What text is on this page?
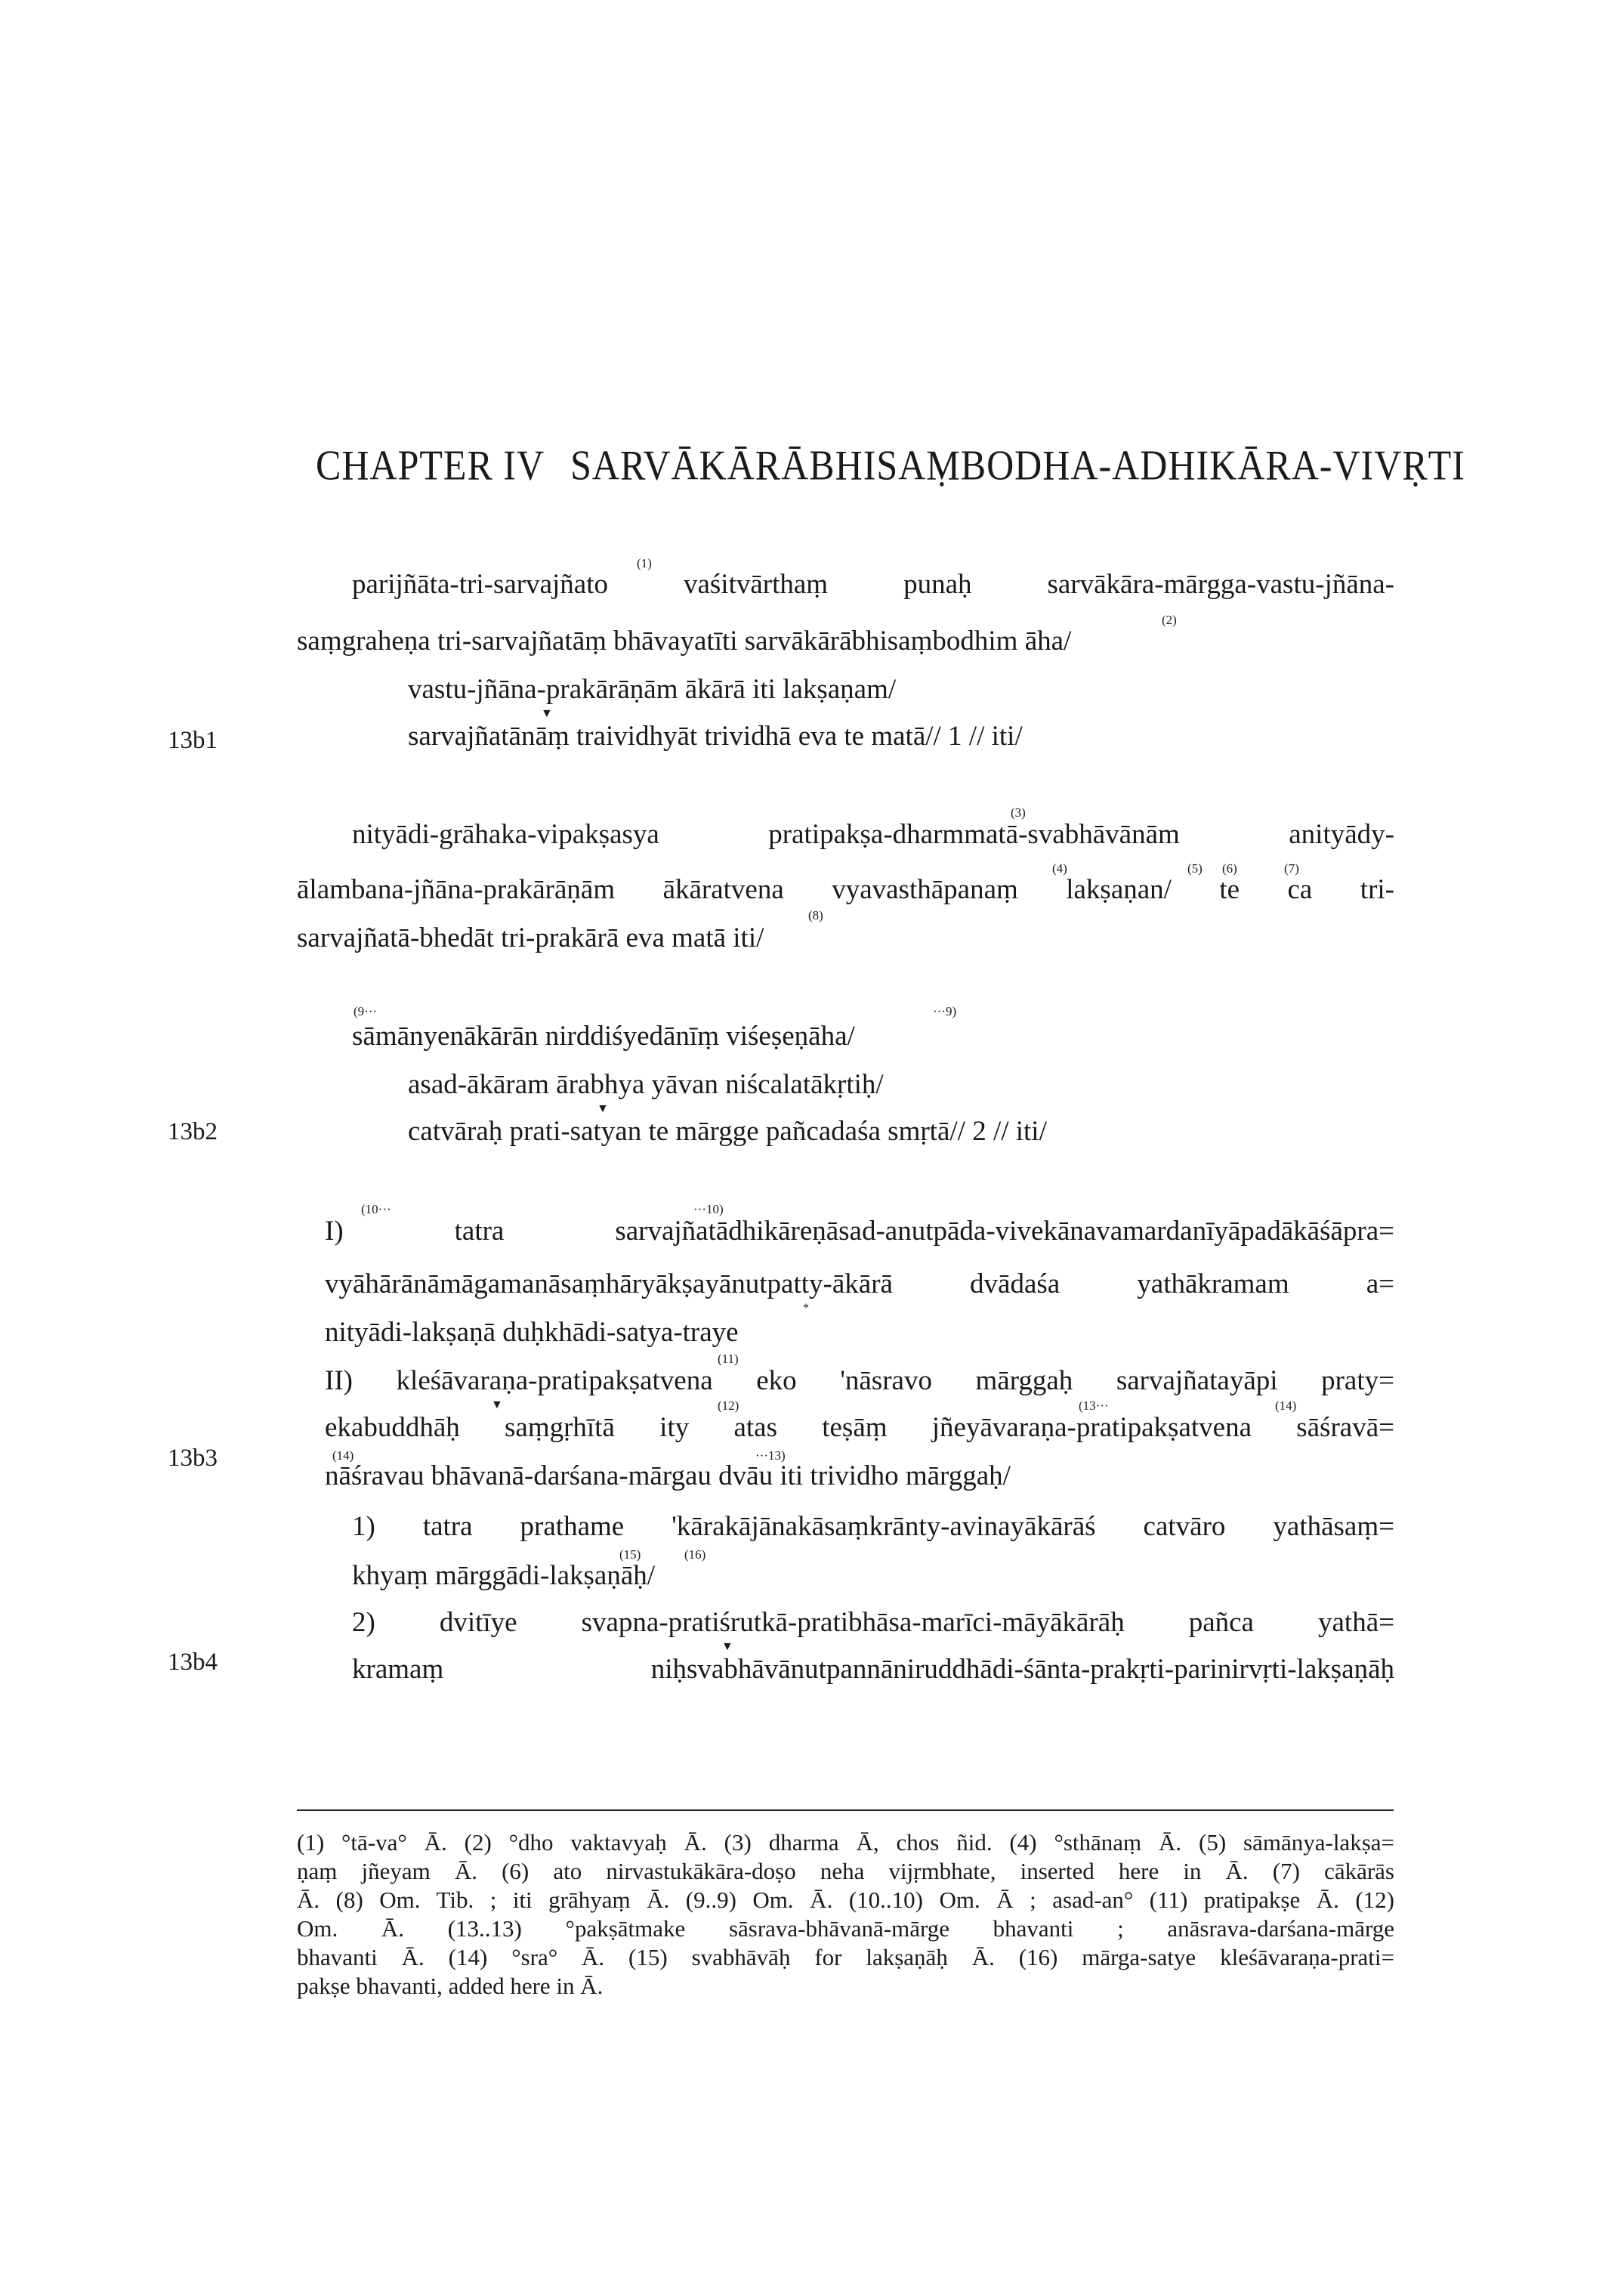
CHAPTER IV SARVĀKĀRĀBHISAṂBODHA-ADHIKĀRA-VIVṚTI
13b1
13b2
13b3
13b4
(1)
parijñāta-tri-sarvajñato vaśitvārthaṃ punaḥ sarvākāra-mārgga-vastu-jñāna-
(2)
saṃgraheṇa tri-sarvajñatāṃ bhāvayatīti sarvākārābhisaṃbodhim āha/
vastu-jñāna-prakārāṇām ākārā iti lakṣaṇam/
▼
sarvajñatānāṃ traividhyāt trividhā eva te matā// 1 // iti/
(3)
nityādi-grāhaka-vipakṣasya pratipakṣa-dharmmatā-svabhāvānām anityādy-
(4)	(5) (6)	(7)
ālambana-jñāna-prakārāṇām ākāratvena vyavasthāpanaṃ lakṣaṇan/ te ca tri-
(8)
sarvajñatā-bhedāt tri-prakārā eva matā iti/
(9···	···9)
sāmānyenākārān nirddiśyedānīṃ viśeṣeṇāha/
asad-ākāram ārabhya yāvan niścalatākṛtiḥ/
▼
catvāraḥ prati-satyan te mārgge pañcadaśa smṛtā// 2 // iti/
(10···	···10)
I) tatra sarvajñatādhikāreṇāsad-anutpāda-vivekānavamardanīyāpadākāśāpra=
vyāhārānāmāgamanāsaṃhāryākṣayānutpatty-ākārā dvādaśa yathākramam a=
*
nityādi-lakṣaṇā duḥkhādi-satya-traye
(11)
II) kleśāvaraṇa-pratipakṣatvena eko 'nāsravo mārggaḥ sarvajñatayāpi praty=
▼	(12)	(13···	(14)
ekabuddhāḥ saṃgṛhītā ity atas teṣāṃ jñeyāvaraṇa-pratipakṣatvena sāśravā=
(14)	···13)
nāśravau bhāvanā-darśana-mārgau dvāu iti trividho mārggaḥ/
1) tatra prathame 'kārakājānakāsaṃkrānty-avinayākārāś catvāro yathāsaṃ=
(15)	(16)
khyaṃ mārggādi-lakṣaṇāḥ/
2) dvitīye svapna-pratiśrutkā-pratibhāsa-marīci-māyākārāḥ pañca yathā=
▼
kramaṃ niḥsvabhāvānutpannāniruddhādi-śānta-prakṛti-parinirvṛti-lakṣaṇāḥ
(1) °tā-va° Ā. (2) °dho vaktavyaḥ Ā. (3) dharma Ā, chos ñid. (4) °sthānaṃ Ā. (5) sāmānya-lakṣa=
ṇaṃ jñeyam Ā. (6) ato nirvastukākāra-doṣo neha vijṛmbhate, inserted here in Ā. (7) cākārās
Ā. (8) Om. Tib. ; iti grāhyaṃ Ā. (9..9) Om. Ā. (10..10) Om. Ā ; asad-an° (11) pratipakṣe Ā. (12)
Om. Ā. (13..13) °pakṣātmake sāsrava-bhāvanā-mārge bhavanti ; anāsrava-darśana-mārge
bhavanti Ā. (14) °sra° Ā. (15) svabhāvāḥ for lakṣaṇāḥ Ā. (16) mārga-satye kleśāvaraṇa-prati=
pakṣe bhavanti, added here in Ā.
